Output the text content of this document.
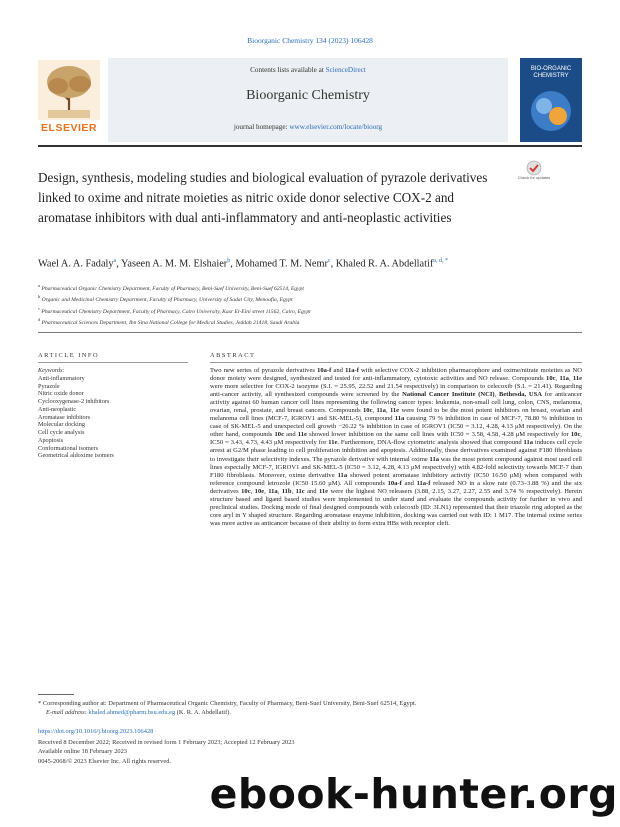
Bioorganic Chemistry 134 (2023) 106428
ELSEVIER
Contents lists available at ScienceDirect
Bioorganic Chemistry
journal homepage: www.elsevier.com/locate/bioorg
BIO-ORGANIC CHEMISTRY
Check for updates
Design, synthesis, modeling studies and biological evaluation of pyrazole derivatives linked to oxime and nitrate moieties as nitric oxide donor selective COX-2 and aromatase inhibitors with dual anti-inflammatory and anti-neoplastic activities
Wael A. A. Fadaly$^a$, Yaseen A. M. M. Elshaier$^b$, Mohamed T. M. Nemr$^c$, Khaled R. A. Abdellatif$^{a, d, *}$
$^a$ Pharmaceutical Organic Chemistry Department, Faculty of Pharmacy, Beni-Suef University, Beni-Suef 62514, Egypt
$^b$ Organic and Medicinal Chemistry Department, Faculty of Pharmacy, University of Sadat City, Menoufia, Egypt
$^c$ Pharmaceutical Chemistry Department, Faculty of Pharmacy, Cairo University, Kasr El-Eini street 11562, Cairo, Egypt
$^d$ Pharmaceutical Sciences Department, Ibn Sina National College for Medical Studies, Jeddah 21418, Saudi Arabia
ARTICLE INFO
Keywords:
Anti-inflammatory
Pyrazole
Nitric oxide donor
Cyclooxygenase-2 inhibitors
Anti-neoplastic
Aromatase inhibitors
Molecular docking
Cell cycle analysis
Apoptosis
Conformational isomers
Geometrical aldoxime isomers
ABSTRACT
Two new series of pyrazole derivatives 10a-f and 11a-f with selective COX-2 inhibition pharmacophore and oxime/nitrate moieties as NO donor moiety were designed, synthesized and tested for anti-inflammatory, cytotoxic activities and NO release. Compounds 10c, 11a, 11e were more selective for COX-2 isozyme (S.I. = 25.95, 22.52 and 21.54 respectively) in comparison to celecoxib (S.I. = 21.41). Regarding anti-cancer activity, all synthesized compounds were screened by the National Cancer Institute (NCI), Bethesda, USA for anticancer activity against 60 human cancer cell lines representing the following cancer types: leukemia, non-small cell lung, colon, CNS, melanoma, ovarian, renal, prostate, and breast cancers. Compounds 10c, 11a, 11e were found to be the most potent inhibitors on breast, ovarian and melanoma cell lines (MCF-7, IGROV1 and SK-MEL-5), compound 11a causing 79 % inhibition in case of MCF-7, 78.80 % inhibition in case of SK-MEL-5 and unexpected cell growth −26.22 % inhibition in case of IGROV1 (IC50 = 3.12, 4.28, 4.13 μM respectively). On the other hand, compounds 10c and 11e showed lower inhibition on the same cell lines with IC50 = 3.58, 4.58, 4.28 μM respectively for 10c, IC50 = 3.43, 4.73, 4.43 μM respectively for 11e. Furthermore, DNA-flow cytometric analysis showed that compound 11a induces cell cycle arrest at G2/M phase leading to cell proliferation inhibition and apoptosis. Additionally, these derivatives examined against F180 fibroblasts to investigate their selectivity indexes. The pyrazole derivative with internal oxime 11a was the most potent compound against most used cell lines especially MCF-7, IGROV1 and SK-MEL-5 (IC50 = 3.12, 4.28, 4.13 μM respectively) with 4.82-fold selectivity towards MCF-7 than F180 fibroblasts. Moreover, oxime derivative 11a showed potent aromatase inhibitory activity (IC50 16.50 μM) when compared with reference compound letrozole (IC50 15.60 μM). All compounds 10a-f and 11a-f released NO in a slow rate (0.73–3.88 %) and the six derivatives 10c, 10e, 11a, 11b, 11c and 11e were the highest NO releasers (3.88, 2.15, 3.27, 2.27, 2.55 and 3.74 % respectively). Herein structure based and ligand based studies were implemented to under stand and evaluate the compounds activity for further in vivo and preclinical studies. Docking mode of final designed compounds with celecoxib (ID: 3LN1) represented that their triazole ring adopted as the core aryl in Y shaped structure. Regarding aromatase enzyme inhibition, docking was carried out with ID: 1 M17. The internal oxime series was more active as anticancer because of their ability to form extra HBs with receptor cleft.
* Corresponding author at: Department of Pharmaceutical Organic Chemistry, Faculty of Pharmacy, Beni-Suef University, Beni-Suef 62514, Egypt.
E-mail address: khaled.ahmed@pharm.bsu.edu.eg (K. R. A. Abdellatif).
https://doi.org/10.1016/j.bioorg.2023.106428
Received 8 December 2022; Received in revised form 1 February 2023; Accepted 12 February 2023
Available online 18 February 2023
0045-2068/© 2023 Elsevier Inc. All rights reserved.
ebook-hunter.org
